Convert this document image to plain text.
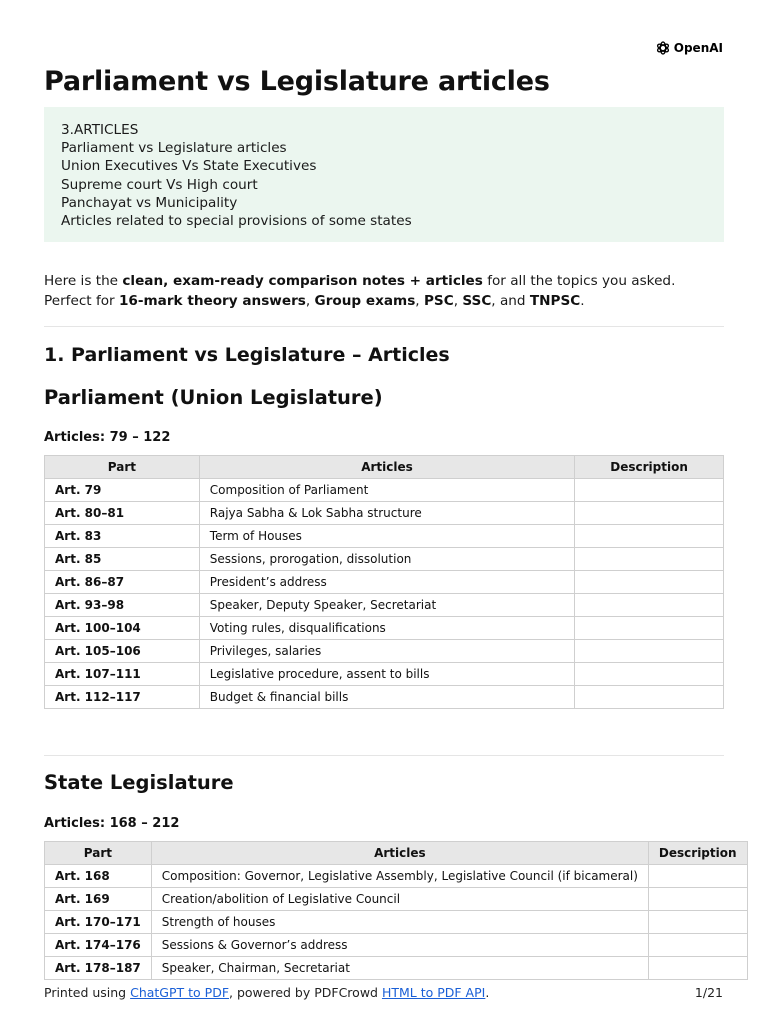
OpenAI
Parliament vs Legislature articles
3.ARTICLES
Parliament vs Legislature articles
Union Executives Vs State Executives
Supreme court Vs High court
Panchayat vs Municipality
Articles related to special provisions of some states
Here is the clean, exam-ready comparison notes + articles for all the topics you asked.
Perfect for 16-mark theory answers, Group exams, PSC, SSC, and TNPSC.
1. Parliament vs Legislature – Articles
Parliament (Union Legislature)
Articles: 79 – 122
Part	Articles	Description
Art. 79	Composition of Parliament	
Art. 80–81	Rajya Sabha & Lok Sabha structure	
Art. 83	Term of Houses	
Art. 85	Sessions, prorogation, dissolution	
Art. 86–87	President’s address	
Art. 93–98	Speaker, Deputy Speaker, Secretariat	
Art. 100–104	Voting rules, disqualifications	
Art. 105–106	Privileges, salaries	
Art. 107–111	Legislative procedure, assent to bills	
Art. 112–117	Budget & financial bills	
State Legislature
Articles: 168 – 212
Part	Articles	Description
Art. 168	Composition: Governor, Legislative Assembly, Legislative Council (if bicameral)	
Art. 169	Creation/abolition of Legislative Council	
Art. 170–171	Strength of houses	
Art. 174–176	Sessions & Governor’s address	
Art. 178–187	Speaker, Chairman, Secretariat	
Printed using ChatGPT to PDF, powered by PDFCrowd HTML to PDF API.	1/21
